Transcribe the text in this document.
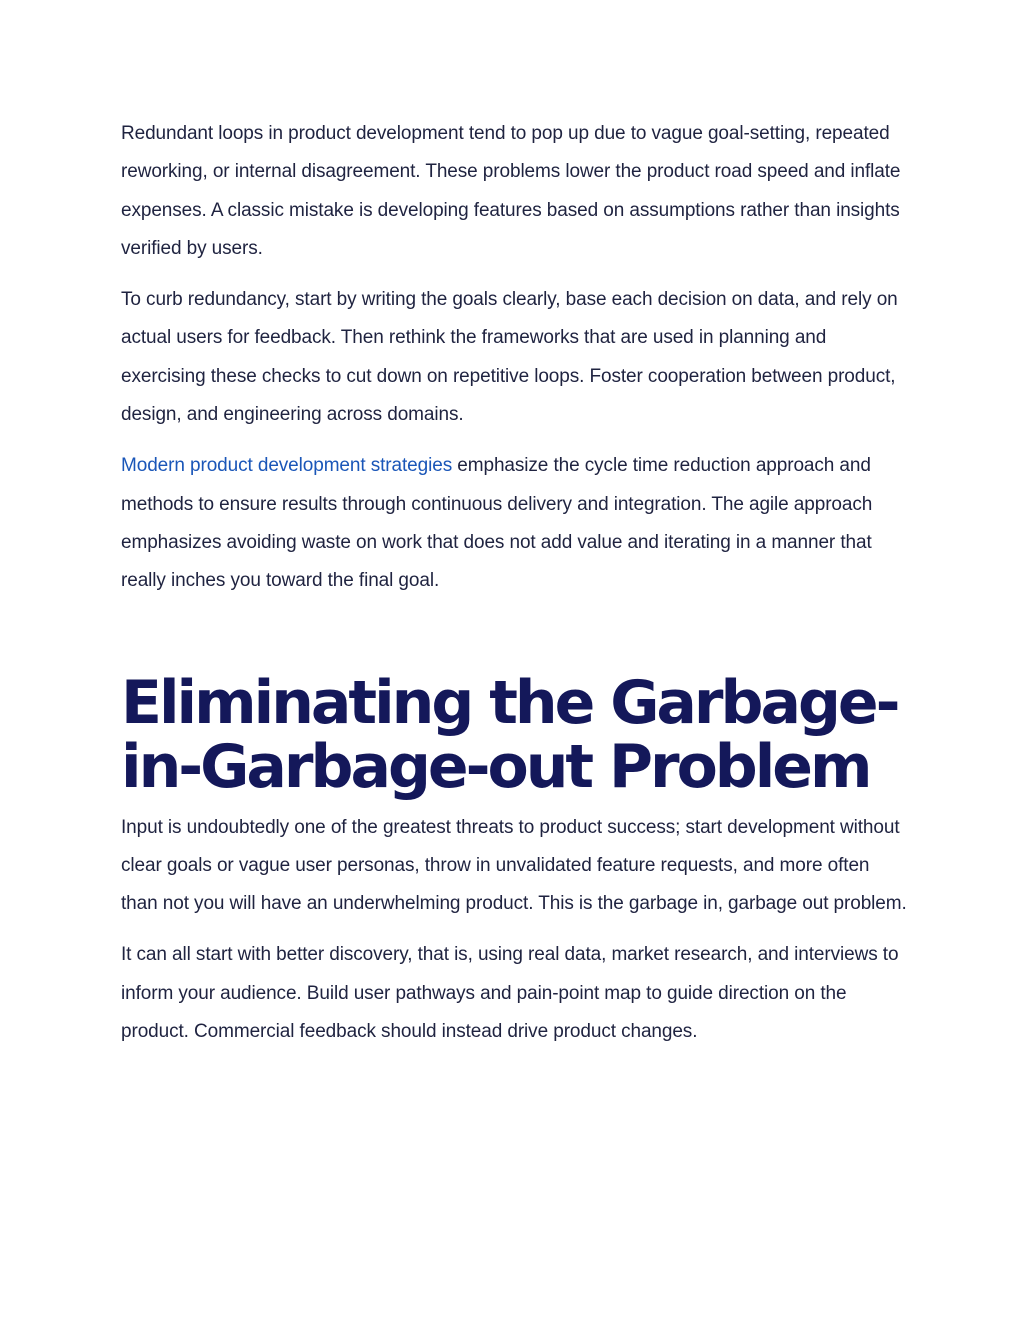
Redundant loops in product development tend to pop up due to vague goal-setting, repeated reworking, or internal disagreement. These problems lower the product road speed and inflate expenses. A classic mistake is developing features based on assumptions rather than insights verified by users.

To curb redundancy, start by writing the goals clearly, base each decision on data, and rely on actual users for feedback. Then rethink the frameworks that are used in planning and exercising these checks to cut down on repetitive loops. Foster cooperation between product, design, and engineering across domains.

Modern product development strategies emphasize the cycle time reduction approach and methods to ensure results through continuous delivery and integration. The agile approach emphasizes avoiding waste on work that does not add value and iterating in a manner that really inches you toward the final goal.

Eliminating the Garbage-in-Garbage-out Problem

Input is undoubtedly one of the greatest threats to product success; start development without clear goals or vague user personas, throw in unvalidated feature requests, and more often than not you will have an underwhelming product. This is the garbage in, garbage out problem.

It can all start with better discovery, that is, using real data, market research, and interviews to inform your audience. Build user pathways and pain-point map to guide direction on the product. Commercial feedback should instead drive product changes.
